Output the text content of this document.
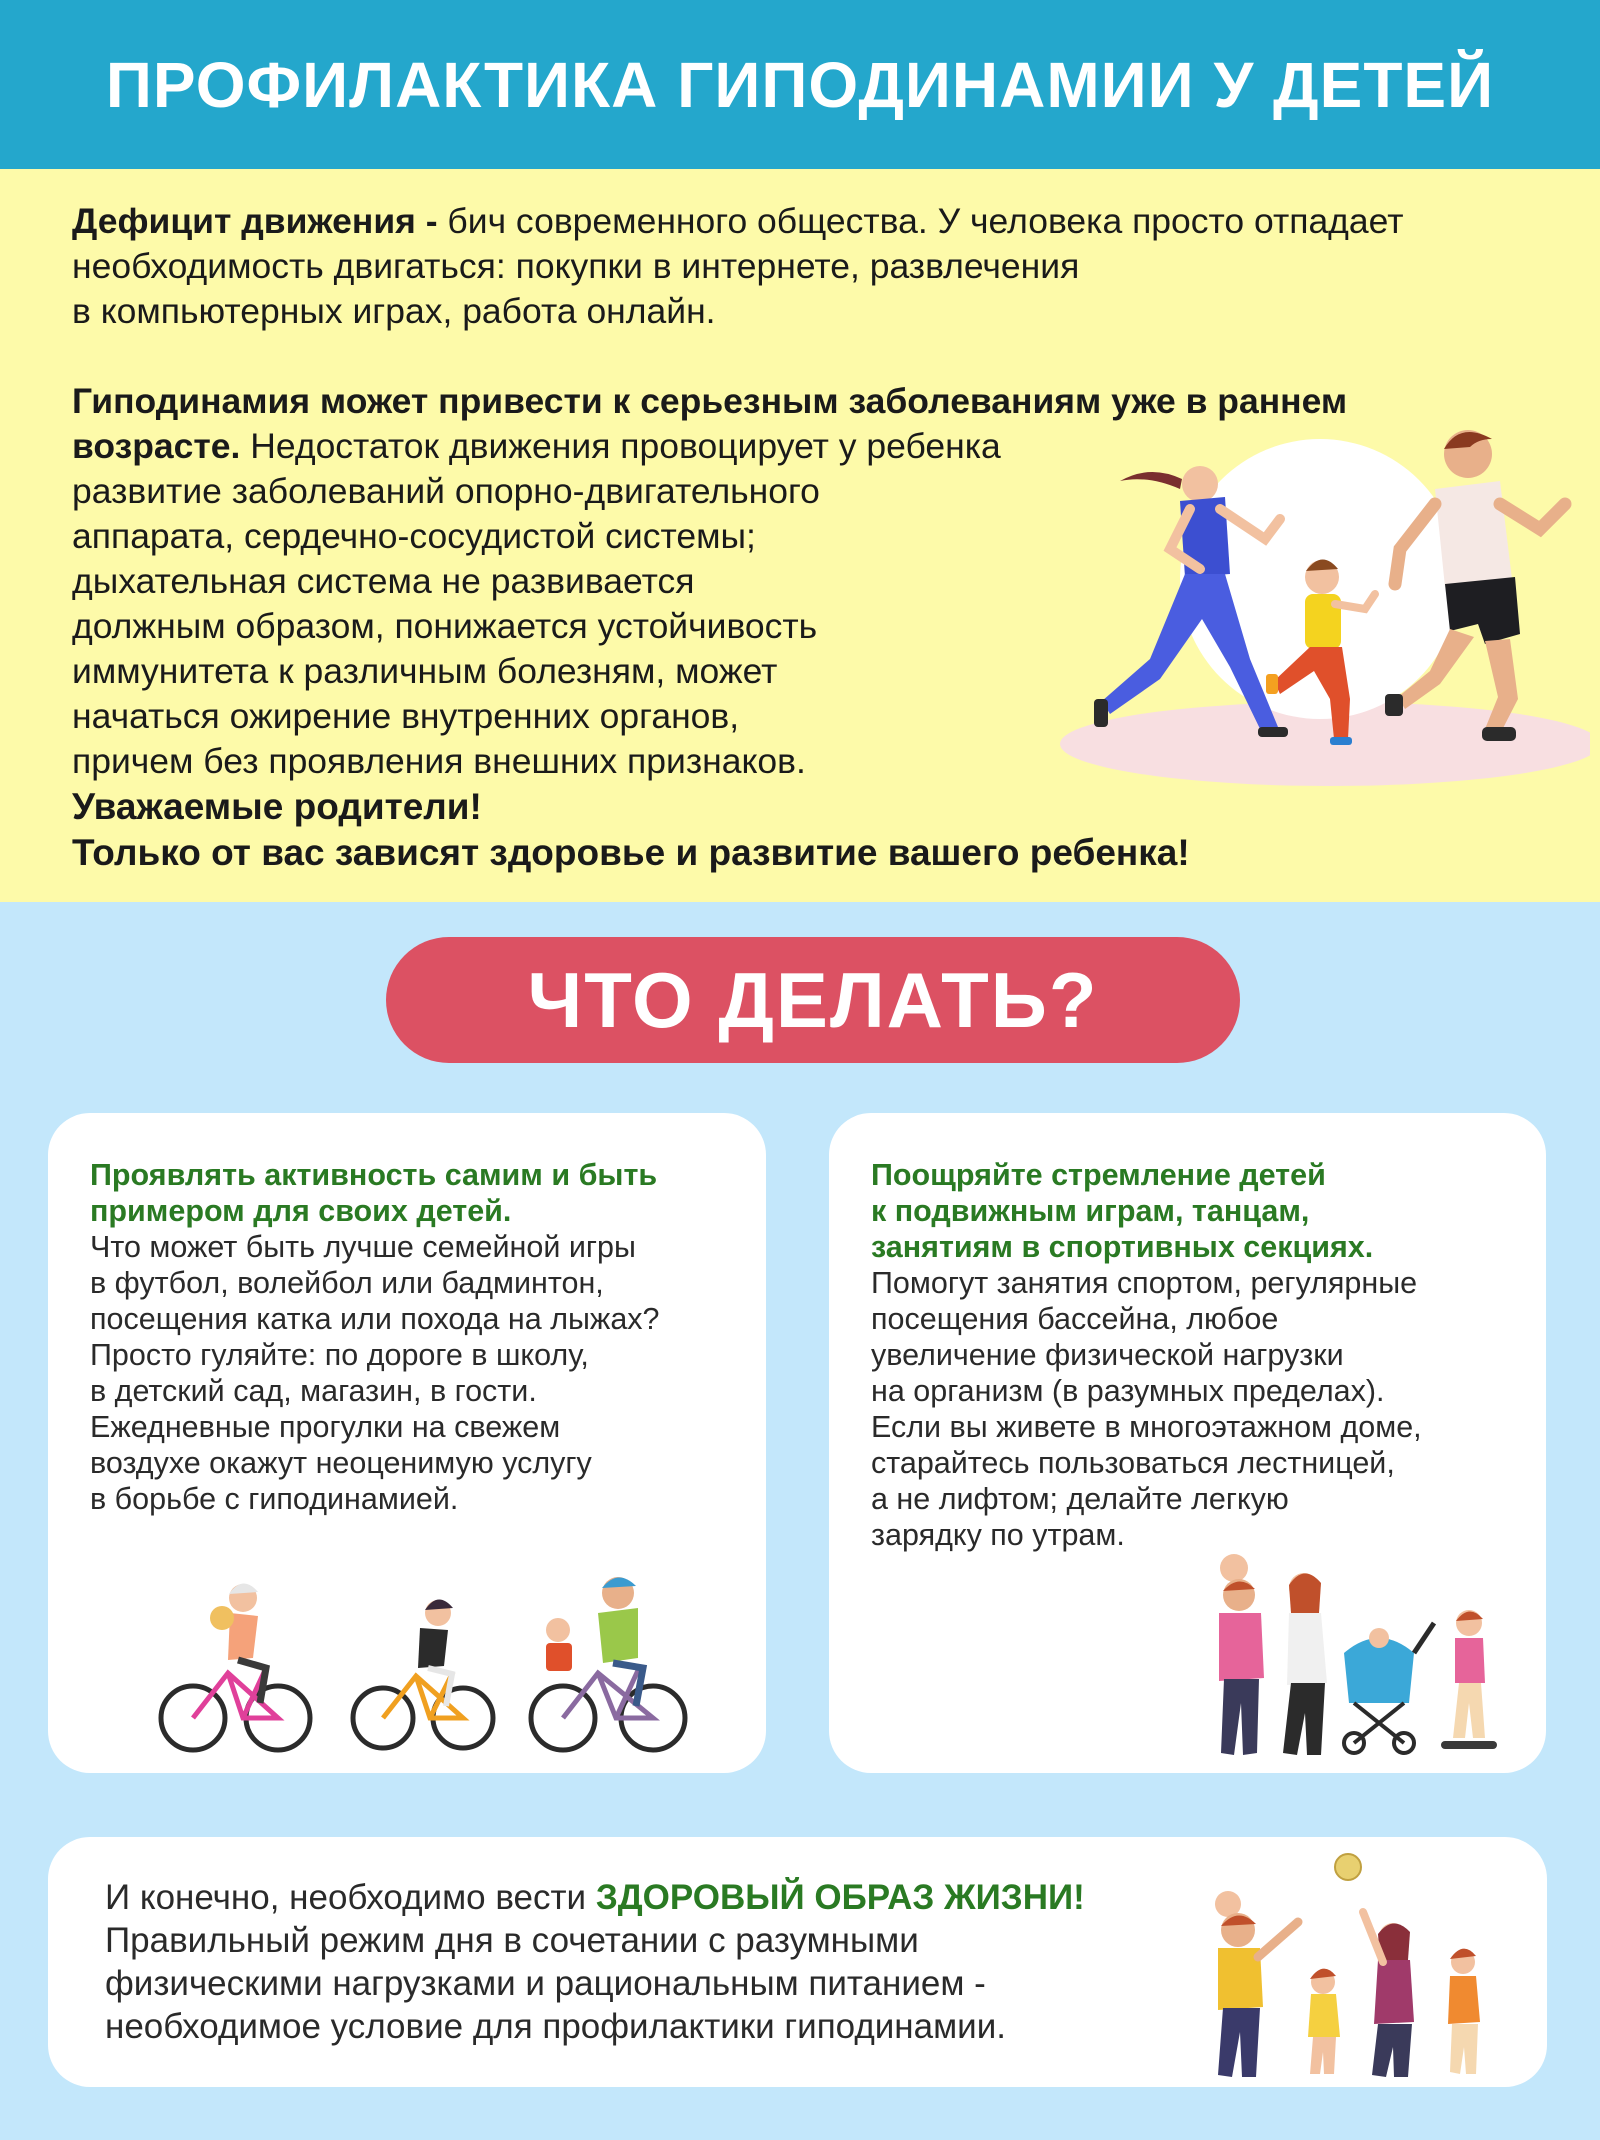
ПРОФИЛАКТИКА ГИПОДИНАМИИ У ДЕТЕЙ

Дефицит движения - бич современного общества. У человека просто отпадает
необходимость двигаться: покупки в интернете, развлечения
в компьютерных играх, работа онлайн.

Гиподинамия может привести к серьезным заболеваниям уже в раннем
возрасте. Недостаток движения провоцирует у ребенка
развитие заболеваний опорно-двигательного
аппарата, сердечно-сосудистой системы;
дыхательная система не развивается
должным образом, понижается устойчивость
иммунитета к различным болезням, может
начаться ожирение внутренних органов,
причем без проявления внешних признаков.

Уважаемые родители!
Только от вас зависят здоровье и развитие вашего ребенка!
ЧТО ДЕЛАТЬ?
Проявлять активность самим и быть
примером для своих детей.
Что может быть лучше семейной игры
в футбол, волейбол или бадминтон,
посещения катка или похода на лыжах?
Просто гуляйте: по дороге в школу,
в детский сад, магазин, в гости.
Ежедневные прогулки на свежем
воздухе окажут неоценимую услугу
в борьбе с гиподинамией.
Поощряйте стремление детей
к подвижным играм, танцам,
занятиям в спортивных секциях.
Помогут занятия спортом, регулярные
посещения бассейна, любое
увеличение физической нагрузки
на организм (в разумных пределах).
Если вы живете в многоэтажном доме,
старайтесь пользоваться лестницей,
а не лифтом; делайте легкую
зарядку по утрам.
И конечно, необходимо вести ЗДОРОВЫЙ ОБРАЗ ЖИЗНИ!
Правильный режим дня в сочетании с разумными
физическими нагрузками и рациональным питанием -
необходимое условие для профилактики гиподинамии.
